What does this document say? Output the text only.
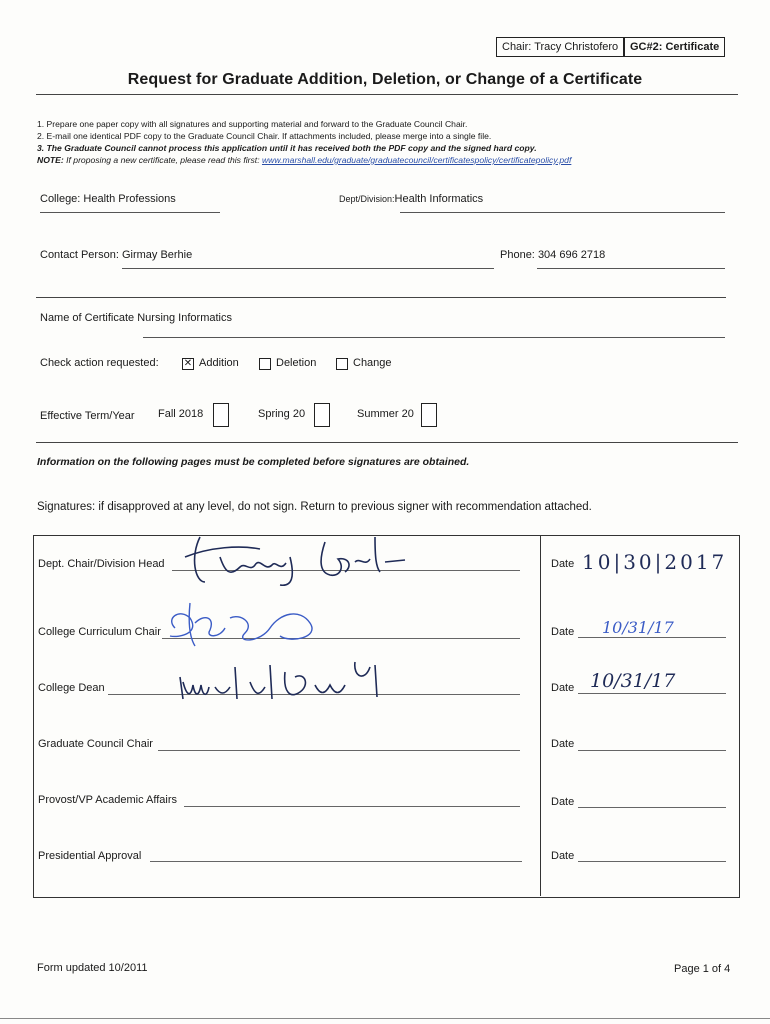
Chair: Tracy Christofero	GC#2: Certificate
Request for Graduate Addition, Deletion, or Change of a Certificate
1. Prepare one paper copy with all signatures and supporting material and forward to the Graduate Council Chair.
2. E-mail one identical PDF copy to the Graduate Council Chair. If attachments included, please merge into a single file.
3. The Graduate Council cannot process this application until it has received both the PDF copy and the signed hard copy.
NOTE: If proposing a new certificate, please read this first: www.marshall.edu/graduate/graduatecouncil/certificatespolicy/certificatepolicy.pdf
College: Health Professions	Dept/Division:Health Informatics
Contact Person: Girmay Berhie	Phone: 304 696 2718
Name of Certificate Nursing Informatics
Check action requested:	✕ Addition	Deletion	Change
Effective Term/Year Fall 2018	Spring 20	Summer 20
Information on the following pages must be completed before signatures are obtained.
Signatures: if disapproved at any level, do not sign. Return to previous signer with recommendation attached.
Dept. Chair/Division Head	Date 10|30|2017
College Curriculum Chair	Date 10/31/17
College Dean	Date 10/31/17
Graduate Council Chair	Date
Provost/VP Academic Affairs	Date
Presidential Approval	Date
Form updated 10/2011	Page 1 of 4
